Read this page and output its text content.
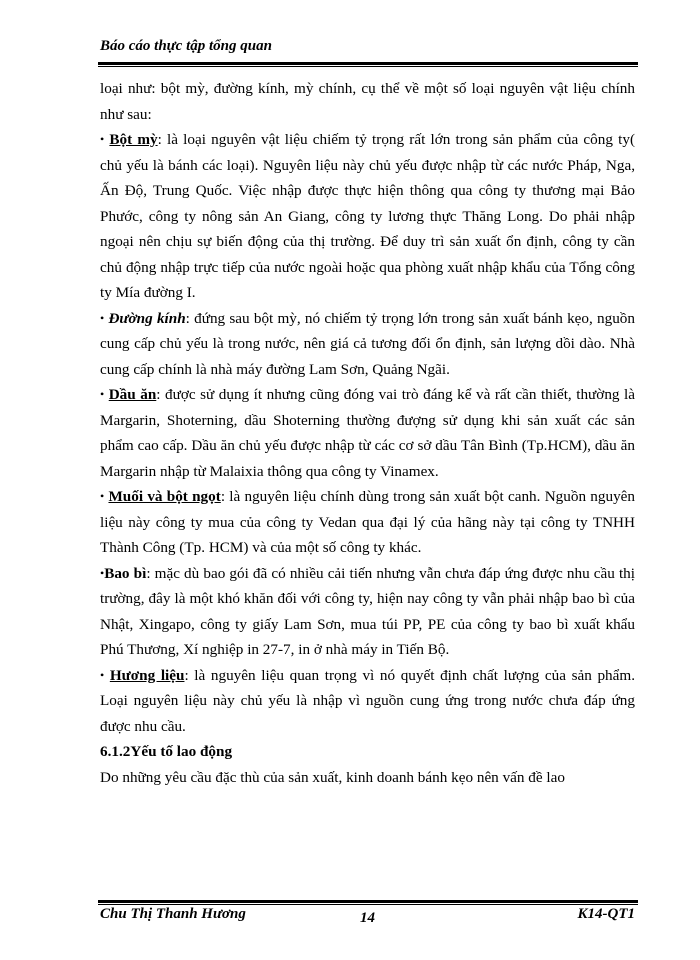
Báo cáo thực tập tổng quan

loại như: bột mỳ, đường kính, mỳ chính, cụ thể về một số loại nguyên vật liệu chính như sau:

• Bột mỳ: là loại nguyên vật liệu chiếm tỷ trọng rất lớn trong sản phẩm của công ty( chủ yếu là bánh các loại). Nguyên liệu này chủ yếu được nhập từ các nước Pháp, Nga, Ấn Độ, Trung Quốc. Việc nhập được thực hiện thông qua công ty thương mại Bảo Phước, công ty nông sản An Giang, công ty lương thực Thăng Long. Do phải nhập ngoại nên chịu sự biến động của thị trường. Để duy trì sản xuất ổn định, công ty cần chủ động nhập trực tiếp của nước ngoài hoặc qua phòng xuất nhập khẩu của Tổng công ty Mía đường I.

• Đường kính: đứng sau bột mỳ, nó chiếm tỷ trọng lớn trong sản xuất bánh kẹo, nguồn cung cấp chủ yếu là trong nước, nên giá cả tương đối ổn định, sản lượng dồi dào. Nhà cung cấp chính là nhà máy đường Lam Sơn, Quảng Ngãi.

• Dầu ăn: được sử dụng ít nhưng cũng đóng vai trò đáng kể và rất cần thiết, thường là Margarin, Shoterning, dầu Shoterning thường đượng sử dụng khi sản xuất các sản phẩm cao cấp. Dầu ăn chủ yếu được nhập từ các cơ sở dầu Tân Bình (Tp.HCM), dầu ăn Margarin nhập từ Malaixia thông qua công ty Vinamex.

• Muối và bột ngọt: là nguyên liệu chính dùng trong sản xuất bột canh. Nguồn nguyên liệu này công ty mua của công ty Vedan qua đại lý của hãng này tại công ty TNHH Thành Công (Tp. HCM) và của một số công ty khác.

•Bao bì: mặc dù bao gói đã có nhiều cải tiến nhưng vẫn chưa đáp ứng được nhu cầu thị trường, đây là một khó khăn đối với công ty, hiện nay công ty vẫn phải nhập bao bì của Nhật, Xingapo, công ty giấy Lam Sơn, mua túi PP, PE của công ty bao bì xuất khẩu Phú Thương, Xí nghiệp in 27-7, in ở nhà máy in Tiến Bộ.

• Hương liệu: là nguyên liệu quan trọng vì nó quyết định chất lượng của sản phẩm. Loại nguyên liệu này chủ yếu là nhập vì nguồn cung ứng trong nước chưa đáp ứng được nhu cầu.

6.1.2Yếu tố lao động

Do những yêu cầu đặc thù của sản xuất, kinh doanh bánh kẹo nên vấn đề lao

Chu Thị Thanh Hương	14	K14-QT1
